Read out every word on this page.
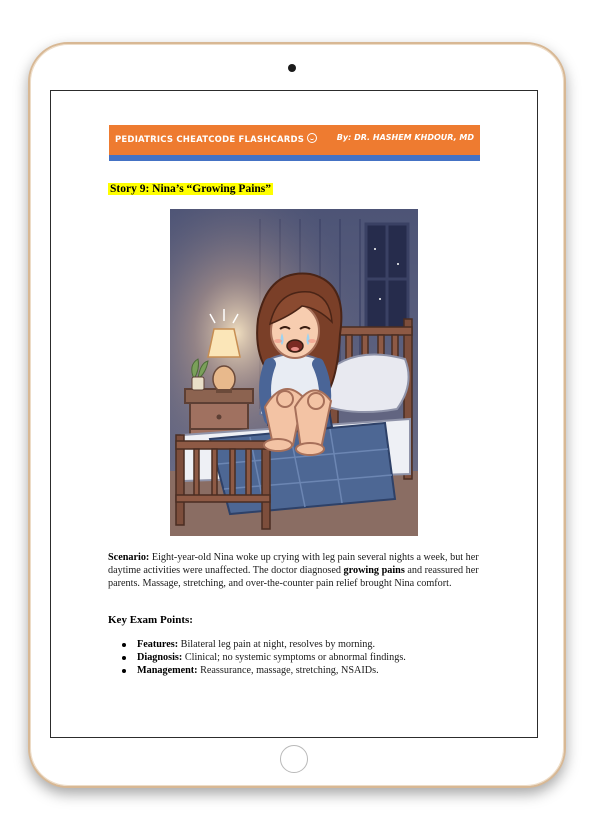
PEDIATRICS CHEATCODE FLASHCARDS	By: DR. HASHEM KHDOUR, MD
Story 9: Nina’s “Growing Pains”
Scenario: Eight-year-old Nina woke up crying with leg pain several nights a week, but her daytime activities were unaffected. The doctor diagnosed growing pains and reassured her parents. Massage, stretching, and over-the-counter pain relief brought Nina comfort.
Key Exam Points:
Features: Bilateral leg pain at night, resolves by morning.
Diagnosis: Clinical; no systemic symptoms or abnormal findings.
Management: Reassurance, massage, stretching, NSAIDs.
